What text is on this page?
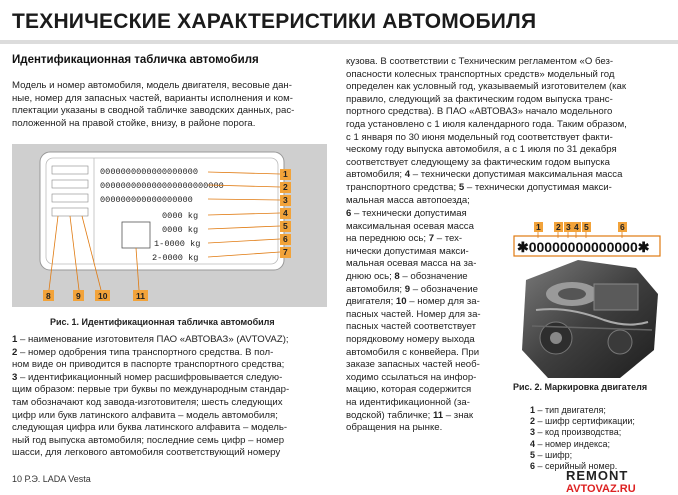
ТЕХНИЧЕСКИЕ ХАРАКТЕРИСТИКИ АВТОМОБИЛЯ
Идентификационная табличка автомобиля
Модель и номер автомобиля, модель двигателя, весовые дан-
ные, номер для запасных частей, варианты исполнения и ком-
плектации указаны в сводной табличке заводских данных, рас-
положенной на правой стойке, внизу, в районе порога.
0000000000000000000
000000000000000000000000
000000000000000000
0000 kg
0000 kg
1-0000 kg
2-0000 kg
1
2
3
4
5
6
7
8	9 10	11
Рис. 1. Идентификационная табличка автомобиля
1 – наименование изготовителя ПАО «АВТОВАЗ» (AVTOVAZ);
2 – номер одобрения типа транспортного средства. В пол-
ном виде он приводится в паспорте транспортного средства;
3 – идентификационный номер расшифровывается следую-
щим образом: первые три буквы по международным стандар-
там обозначают код завода-изготовителя; шесть следующих
цифр или букв латинского алфавита – модель автомобиля;
следующая цифра или буква латинского алфавита – модель-
ный год выпуска автомобиля; последние семь цифр – номер
шасси, для легкового автомобиля соответствующий номеру
кузова. В соответствии с Техническим регламентом «О без-
опасности колесных транспортных средств» модельный год
определен как условный год, указываемый изготовителем (как
правило, следующий за фактическим годом выпуска транс-
портного средства). В ПАО «АВТОВАЗ» начало модельного
года установлено с 1 июля календарного года. Таким образом,
с 1 января по 30 июня модельный год соответствует факти-
ческому году выпуска автомобиля, а с 1 июля по 31 декабря
соответствует следующему за фактическим годом выпуска
автомобиля; 4 – технически допустимая максимальная масса
транспортного средства; 5 – технически допустимая макси-
мальная масса автопоезда;
6 – технически допустимая
максимальная осевая масса
на переднюю ось; 7 – тех-
нически допустимая макси-
мальная осевая масса на за-
днюю ось; 8 – обозначение
автомобиля; 9 – обозначение
двигателя; 10 – номер для за-
пасных частей. Номер для за-
пасных частей соответствует
порядковому номеру выхода
автомобиля с конвейера. При
заказе запасных частей необ-
ходимо ссылаться на инфор-
мацию, которая содержится
на идентификационной (за-
водской) табличке; 11 – знак
обращения на рынке.
✱00000000000000✱
1 2 3 4 5	6
Рис. 2. Маркировка двигателя
1 – тип двигателя;
2 – шифр сертификации;
3 – код производства;
4 – номер индекса;
5 – шифр;
6 – серийный номер.
10 Р.Э. LADA Vesta	REMONT
AVTOVAZ.RU
